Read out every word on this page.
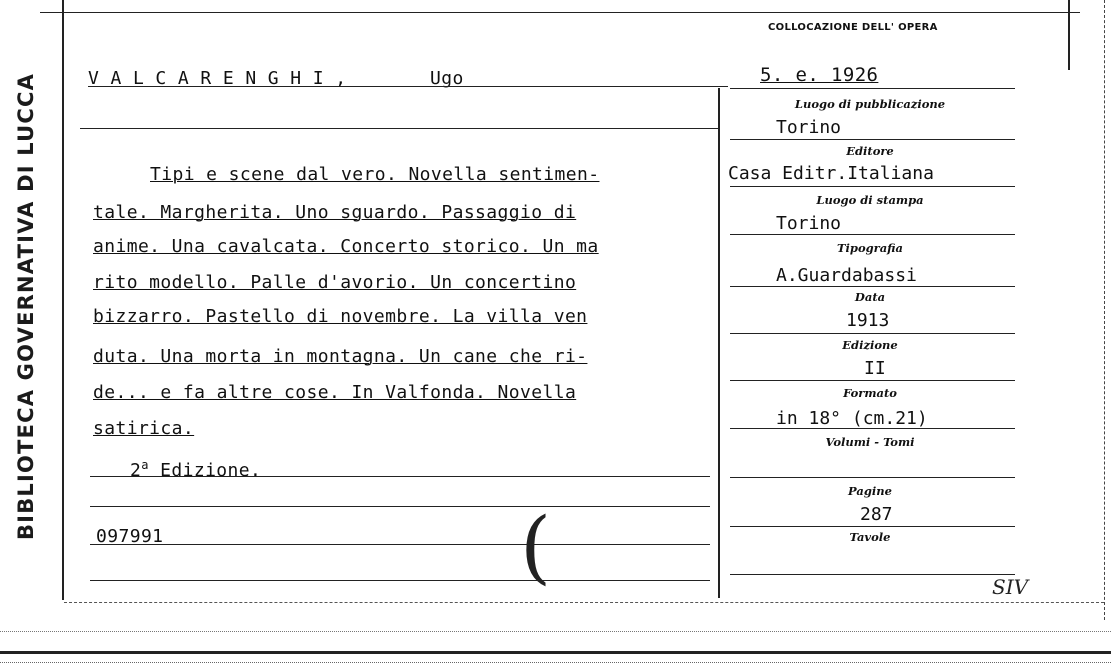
BIBLIOTECA GOVERNATIVA DI LUCCA
COLLOCAZIONE DELL' OPERA
V A L C A R E N G H I ,	Ugo	5. e. 1926
Tipi e scene dal vero. Novella sentimen-
tale. Margherita. Uno sguardo. Passaggio di
anime. Una cavalcata. Concerto storico. Un ma
rito modello. Palle d'avorio. Un concertino
bizzarro. Pastello di novembre. La villa ven
duta. Una morta in montagna. Un cane che ri-
de... e fa altre cose. In Valfonda. Novella
satirica.
2$^a$ Edizione.
097991	(
Luogo di pubblicazione
Torino
Editore
Casa Editr.Italiana
Luogo di stampa
Torino
Tipografia
A.Guardabassi
Data
1913
Edizione
II
Formato
in 18° (cm.21)
Volumi - Tomi
Pagine
287
Tavole
SIV
